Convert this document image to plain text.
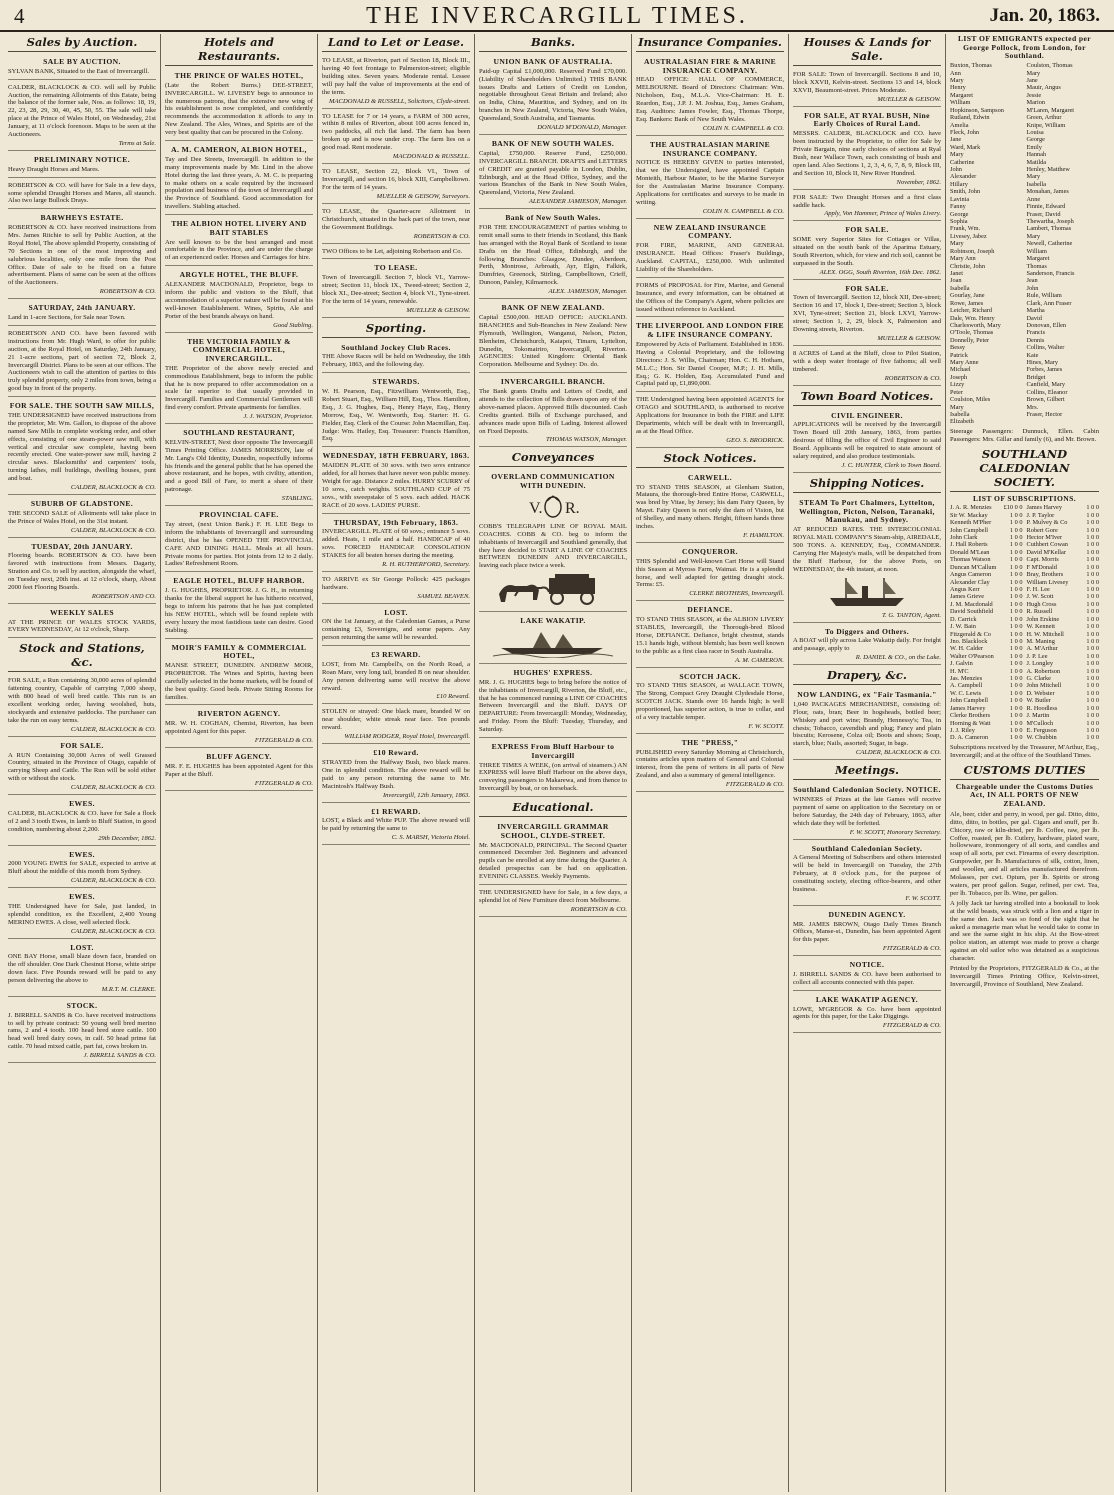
4	THE INVERCARGILL TIMES.	Jan. 20, 1863.
Sales by Auction.
SALE BY AUCTION.
SYLVAN BANK, Situated to the East of Invercargill.
CALDER, BLACKLOCK & CO. will sell by Public Auction, the remaining Allotments of this Estate, being the balance of the former sale, Nos. as follows: 18, 19, 22, 23, 28, 29, 30, 40, 45, 50, 55. The sale will take place at the Prince of Wales Hotel, on Wednesday, 21st January, at 11 o'clock forenoon. Maps to be seen at the Auctioneers.
Terms at Sale.
PRELIMINARY NOTICE.
Heavy Draught Horses and Mares.
ROBERTSON & CO. will have for Sale in a few days, some splendid Draught Horses and Mares, all staunch. Also two large Bullock Drays.
BARWHEYS ESTATE.
ROBERTSON & CO. have received instructions from Mrs. James Ritchie to sell by Public Auction, at the Royal Hotel, The above splendid Property, consisting of 70 Sections in one of the most improving and salubrious localities, only one mile from the Post Office. Date of sale to be fixed on a future advertisement. Plans of same can be seen at the offices of the Auctioneers.
ROBERTSON & CO.
SATURDAY, 24th JANUARY.
Land in 1-acre Sections, for Sale near Town.
ROBERTSON AND CO. have been favored with instructions from Mr. Hugh Ward, to offer for public auction, at the Royal Hotel, on Saturday, 24th January, 21 1-acre sections, part of section 72, Block 2, Invercargill District. Plans to be seen at our offices. The Auctioneers wish to call the attention of parties to this truly splendid property, only 2 miles from town, being a good buy in front of the property.
FOR SALE. THE SOUTH SAW MILLS,
THE UNDERSIGNED have received instructions from the proprietor, Mr. Wm. Gallon, to dispose of the above named Saw Mills in complete working order, and other effects, consisting of one steam-power saw mill, with vertical and circular saw complete, having been recently erected. One water-power saw mill, having 2 circular saws. Blacksmiths' and carpenters' tools, turning lathes, mill buildings, dwelling houses, punt and boat.
CALDER, BLACKLOCK & CO.
SUBURB OF GLADSTONE.
THE SECOND SALE of Allotments will take place in the Prince of Wales Hotel, on the 31st instant.
CALDER, BLACKLOCK & CO.
TUESDAY, 20th JANUARY.
Flooring boards. ROBERTSON & CO. have been favored with instructions from Messrs. Dagarty, Stratton and Co. to sell by auction, alongside the wharf, on Tuesday next, 20th inst. at 12 o'clock, sharp, About 2000 feet Flooring Boards.
ROBERTSON AND CO.
WEEKLY SALES
AT THE PRINCE OF WALES STOCK YARDS, EVERY WEDNESDAY, At 12 o'clock, Sharp.
Stock and Stations, &c.
FOR SALE, a Run containing 30,000 acres of splendid fattening country, Capable of carrying 7,000 sheep, with 800 head of well bred cattle. This run is an excellent working order, having woolshed, huts, stockyards and extensive paddocks. The purchaser can take the run on easy terms.
CALDER, BLACKLOCK & CO.
FOR SALE.
A RUN Containing 30,000 Acres of well Grassed Country, situated in the Province of Otago, capable of carrying Sheep and Cattle. The Run will be sold either with or without the stock.
CALDER, BLACKLOCK & CO.
EWES.
CALDER, BLACKLOCK & CO. have for Sale a flock of 2 and 3 tooth Ewes, in lamb to Bluff Station, in good condition, numbering about 2,200.
29th December, 1862.
EWES.
2000 YOUNG EWES for SALE, expected to arrive at Bluff about the middle of this month from Sydney.
CALDER, BLACKLOCK & CO.
EWES.
THE Undersigned have for Sale, just landed, in splendid condition, ex the Excellent, 2,400 Young MERINO EWES. A close, well selected flock.
CALDER, BLACKLOCK & CO.
LOST.
ONE BAY Horse, small blaze down face, branded on the off shoulder. One Dark Chestnut Horse, white stripe down face. Five Pounds reward will be paid to any person delivering the above to
M.R.T. M. CLERKE.
STOCK.
J. BIRRELL SANDS & Co. have received instructions to sell by private contract: 50 young well bred merino rams, 2 and 4 tooth. 100 head bred store cattle. 100 head well bred dairy cows, in calf. 50 head prime fat cattle. 70 head mixed cattle, part fat, cows broken in.
J. BIRRELL SANDS & CO.
Hotels and Restaurants.
THE PRINCE OF WALES HOTEL,
(Late the Robert Burns.) DEE-STREET, INVERCARGILL. W. LIVESEY begs to announce to the numerous patrons, that the extensive new wing of his establishment is now completed, and confidently recommends the accommodation it affords to any in New Zealand. The Ales, Wines, and Spirits are of the very best quality that can be procured in the Colony.
A. M. CAMERON, ALBION HOTEL,
Tay and Dee Streets, Invercargill. In addition to the many improvements made by Mr. Lind in the above Hotel during the last three years, A. M. C. is preparing to make others on a scale required by the increased population and business of the town of Invercargill and the Province of Southland. Good accommodation for travellers. Stabling attached.
THE ALBION HOTEL LIVERY AND BAIT STABLES
Are well known to be the best arranged and most comfortable in the Province, and are under the charge of an experienced ostler. Horses and Carriages for hire.
ARGYLE HOTEL, THE BLUFF.
ALEXANDER MACDONALD, Proprietor, begs to inform the public and visitors to the Bluff, that accommodation of a superior nature will be found at his well-known Establishment. Wines, Spirits, Ale and Porter of the best brands always on hand.
Good Stabling.
THE VICTORIA FAMILY & COMMERCIAL HOTEL, INVERCARGILL.
THE Proprietor of the above newly erected and commodious Establishment, begs to inform the public that he is now prepared to offer accommodation on a scale far superior to that usually provided in Invercargill. Families and Commercial Gentlemen will find every comfort. Private apartments for families.
J. J. WATSON, Proprietor.
SOUTHLAND RESTAURANT,
KELVIN-STREET, Next door opposite The Invercargill Times Printing Office. JAMES MORRISON, late of Mr. Lang's Old Identity, Dunedin, respectfully informs his friends and the general public that he has opened the above restaurant, and he hopes, with civility, attention, and a good Bill of Fare, to merit a share of their patronage.
STABLING.
PROVINCIAL CAFE.
Tay street, (next Union Bank.) F. H. LEE Begs to inform the inhabitants of Invercargill and surrounding district, that he has OPENED THE PROVINCIAL CAFE AND DINING HALL. Meals at all hours. Private rooms for parties. Hot joints from 12 to 2 daily. Ladies' Refreshment Room.
EAGLE HOTEL, BLUFF HARBOR.
J. G. HUGHES, PROPRIETOR. J. G. H., in returning thanks for the liberal support he has hitherto received, begs to inform his patrons that he has just completed his NEW HOTEL, which will be found replete with every luxury the most fastidious taste can desire. Good Stabling.
MOIR'S FAMILY & COMMERCIAL HOTEL,
MANSE STREET, DUNEDIN. ANDREW MOIR, PROPRIETOR. The Wines and Spirits, having been carefully selected in the home markets, will be found of the best quality. Good beds. Private Sitting Rooms for families.
RIVERTON AGENCY.
MR. W. H. COGHAN, Chemist, Riverton, has been appointed Agent for this paper.
FITZGERALD & CO.
BLUFF AGENCY.
MR. F. E. HUGHES has been appointed Agent for this Paper at the Bluff.
FITZGERALD & CO.
Land to Let or Lease.
TO LEASE, at Riverton, part of Section 18, Block III., having 40 feet frontage to Palmerston-street; eligible building sites. Seven years. Moderate rental. Lessee will pay half the value of improvements at the end of the term.
MACDONALD & RUSSELL, Solicitors, Clyde-street.
TO LEASE for 7 or 14 years, a FARM of 300 acres, within 8 miles of Riverton, about 100 acres fenced in, two paddocks, all rich flat land. The farm has been broken up and is now under crop. The farm lies on a good road. Rent moderate.
MACDONALD & RUSSELL.
TO LEASE, Section 22, Block VI., Town of Invercargill, and section 16, block XIII, Campbelltown. For the term of 14 years.
MUELLER & GEISOW, Surveyors.
TO LEASE, the Quarter-acre Allotment in Christchurch, situated in the back part of the town, near the Government Buildings.
ROBERTSON & CO.
TWO Offices to be Let, adjoining Robertson and Co.
TO LEASE.
Town of Invercargill. Section 7, block VI., Yarrow-street; Section 11, block IX., Tweed-street; Section 2, block XI., Dee-street; Section 4, block VI., Tyne-street. For the term of 14 years, renewable.
MUELLER & GEISOW.
Sporting.
Southland Jockey Club Races.
THE Above Races will be held on Wednesday, the 18th February, 1863, and the following day.
STEWARDS.
W. H. Pearson, Esq., Fitzwilliam Wentworth, Esq., Robert Stuart, Esq., William Hill, Esq., Thos. Hamilton, Esq., J. G. Hughes, Esq., Henry Haye, Esq., Henry Morrow, Esq., W. Wentworth, Esq. Starter: H. G. Fielder, Esq. Clerk of the Course: John Macmillan, Esq. Judge: Wm. Hatley, Esq. Treasurer: Francis Hamilton, Esq.
WEDNESDAY, 18TH FEBRUARY, 1863.
MAIDEN PLATE of 30 sovs. with two sovs entrance added, for all horses that have never won public money. Weight for age. Distance 2 miles. HURRY SCURRY of 10 sovs., catch weights. SOUTHLAND CUP of 75 sovs., with sweepstake of 5 sovs. each added. HACK RACE of 20 sovs. LADIES' PURSE.
THURSDAY, 19th February, 1863.
INVERCARGILL PLATE of 60 sovs.; entrance 5 sovs. added. Heats, 1 mile and a half. HANDICAP of 40 sovs. FORCED HANDICAP. CONSOLATION STAKES for all beaten horses during the meeting.
R. H. RUTHERFORD, Secretary.
TO ARRIVE ex Sir George Pollock: 425 packages hardware.
SAMUEL BEAVEN.
LOST.
ON the 1st January, at the Caledonian Games, a Purse containing £3, Sovereigns, and some papers. Any person returning the same will be rewarded.
£3 REWARD.
LOST, from Mr. Campbell's, on the North Road, a Roan Mare, very long tail, branded B on near shoulder. Any person delivering same will receive the above reward.
£10 Reward.
STOLEN or strayed: One black mare, branded W on near shoulder, white streak near face. Ten pounds reward.
WILLIAM RODGER, Royal Hotel, Invercargill.
£10 Reward.
STRAYED from the Halfway Bush, two black mares. One in splendid condition. The above reward will be paid to any person returning the same to Mr. Macintosh's Halfway Bush.
Invercargill, 12th January, 1863.
£1 REWARD.
LOST, a Black and White PUP. The above reward will be paid by returning the same to
C. S. MARSH, Victoria Hotel.
Banks.
UNION BANK OF AUSTRALIA.
Paid-up Capital £1,000,000. Reserved Fund £70,000. (Liability of Shareholders Unlimited.) THIS BANK issues Drafts and Letters of Credit on London, negotiable throughout Great Britain and Ireland; also on India, China, Mauritius, and Sydney, and on its branches in New Zealand, Victoria, New South Wales, Queensland, South Australia, and Tasmania.
DONALD M'DONALD, Manager.
BANK OF NEW SOUTH WALES.
Capital, £750,000. Reserve Fund, £250,000. INVERCARGILL BRANCH. DRAFTS and LETTERS of CREDIT are granted payable in London, Dublin, Edinburgh, and at the Head Office, Sydney, and the various Branches of the Bank in New South Wales, Queensland, Victoria, New Zealand.
ALEXANDER JAMIESON, Manager.
Bank of New South Wales.
FOR THE ENCOURAGEMENT of parties wishing to remit small sums to their friends in Scotland, this Bank has arranged with the Royal Bank of Scotland to issue Drafts on the Head Office, Edinburgh, and the following Branches: Glasgow, Dundee, Aberdeen, Perth, Montrose, Arbroath, Ayr, Elgin, Falkirk, Dumfries, Greenock, Stirling, Campbelltown, Crieff, Dunoon, Paisley, Kilmarnock.
ALEX. JAMIESON, Manager.
BANK OF NEW ZEALAND.
Capital £500,000. HEAD OFFICE: AUCKLAND. BRANCHES and Sub-Branches in New Zealand: New Plymouth, Wellington, Wanganui, Nelson, Picton, Blenheim, Christchurch, Kaiapoi, Timaru, Lyttelton, Dunedin, Tokomairiro, Invercargill, Riverton. AGENCIES: United Kingdom: Oriental Bank Corporation. Melbourne and Sydney: Do. do.
INVERCARGILL BRANCH.
The Bank grants Drafts and Letters of Credit, and attends to the collection of Bills drawn upon any of the above-named places. Approved Bills discounted. Cash Credits granted. Bills of Exchange purchased, and advances made upon Bills of Lading. Interest allowed on Fixed Deposits.
THOMAS WATSON, Manager.
Conveyances
OVERLAND COMMUNICATION WITH DUNEDIN.
V. R.
COBB'S TELEGRAPH LINE OF ROYAL MAIL COACHES. COBB & CO. beg to inform the inhabitants of Invercargill and Southland generally, that they have decided to START A LINE OF COACHES BETWEEN DUNEDIN AND INVERCARGILL, leaving each place twice a week.
LAKE WAKATIP.
HUGHES' EXPRESS.
MR. J. G. HUGHES begs to bring before the notice of the inhabitants of Invercargill, Riverton, the Bluff, etc., that he has commenced running a LINE OF COACHES Between Invercargill and the Bluff. DAYS OF DEPARTURE: From Invercargill: Monday, Wednesday, and Friday. From the Bluff: Tuesday, Thursday, and Saturday.
EXPRESS From Bluff Harbour to Invercargill
THREE TIMES A WEEK, (on arrival of steamers.) AN EXPRESS will leave Bluff Harbour on the above days, conveying passengers to Makarewa, and from thence to Invercargill by boat, or on horseback.
Educational.
INVERCARGILL GRAMMAR SCHOOL, CLYDE-STREET.
Mr. MACDONALD, PRINCIPAL. The Second Quarter commenced December 3rd. Beginners and advanced pupils can be enrolled at any time during the Quarter. A detailed prospectus can be had on application. EVENING CLASSES. Weekly Payments.
THE UNDERSIGNED have for Sale, in a few days, a splendid lot of New Furniture direct from Melbourne.
ROBERTSON & CO.
Insurance Companies.
AUSTRALASIAN FIRE & MARINE INSURANCE COMPANY.
HEAD OFFICE: HALL OF COMMERCE, MELBOURNE. Board of Directors: Chairman: Wm. Nicholson, Esq., M.L.A. Vice-Chairman: H. E. Reardon, Esq., J.P. J. M. Joshua, Esq., James Graham, Esq. Auditors: James Fowler, Esq., Thomas Thorpe, Esq. Bankers: Bank of New South Wales.
COLIN N. CAMPBELL & CO.
THE AUSTRALASIAN MARINE INSURANCE COMPANY.
NOTICE IS HEREBY GIVEN to parties interested, that we the Undersigned, have appointed Captain Monteith, Harbour Master, to be the Marine Surveyor for the Australasian Marine Insurance Company. Applications for certificates and surveys to be made in writing.
COLIN N. CAMPBELL & CO.
NEW ZEALAND INSURANCE COMPANY.
FOR FIRE, MARINE, AND GENERAL INSURANCE. Head Offices: Fraser's Buildings, Auckland. CAPITAL, £250,000. With unlimited Liability of the Shareholders.
FORMS of PROPOSAL for Fire, Marine, and General Insurance, and every information, can be obtained at the Offices of the Company's Agent, where policies are issued without reference to Auckland.
THE LIVERPOOL AND LONDON FIRE & LIFE INSURANCE COMPANY.
Empowered by Acts of Parliament. Established in 1836. Having a Colonial Proprietary, and the following Directors: J. S. Willis, Chairman; Hon. C. H. Hotham, M.L.C.; Hon. Sir Daniel Cooper, M.P.; J. H. Mills, Esq.; G. K. Holden, Esq. Accumulated Fund and Capital paid up, £1,890,000.
THE Undersigned having been appointed AGENTS for OTAGO and SOUTHLAND, is authorised to receive Applications for Insurance in both the FIRE and LIFE Departments, which will be dealt with in Invercargill, as at the Head Office.
GEO. S. BRODRICK.
Stock Notices.
CARWELL.
TO STAND THIS SEASON, at Glenham Station, Mataura, the thorough-bred Entire Horse, CARWELL, was bred by Vitae, by Jersey; his dam Fairy Queen, by Mayet. Fairy Queen is not only the dam of Vision, but of Shelley, and many others. Height, fifteen hands three inches.
F. HAMILTON.
CONQUEROR.
THIS Splendid and Well-known Cart Horse will Stand this Season at Myross Farm, Waimai. He is a splendid horse, and well adapted for getting draught stock. Terms: £5.
CLERKE BROTHERS, Invercargill.
DEFIANCE.
TO STAND THIS SEASON, at the ALBION LIVERY STABLES, Invercargill, the Thorough-bred Blood Horse, DEFIANCE. Defiance, bright chestnut, stands 15.1 hands high, without blemish; has been well known to the public as a first class racer in South Australia.
A. M. CAMERON.
SCOTCH JACK.
TO STAND THIS SEASON, at WALLACE TOWN, The Strong, Compact Grey Draught Clydesdale Horse, SCOTCH JACK. Stands over 16 hands high; is well proportioned, has superior action, is true to collar, and of a very tractable temper.
F. W. SCOTT.
THE "PRESS,"
PUBLISHED every Saturday Morning at Christchurch, contains articles upon matters of General and Colonial interest, from the pens of writers in all parts of New Zealand, and also a summary of general intelligence.
FITZGERALD & CO.
Houses & Lands for Sale.
FOR SALE: Town of Invercargill. Sections 8 and 10, block XXVII, Kelvin-street. Sections 13 and 14, block XXVII, Beaumont-street. Prices Moderate.
MUELLER & GEISOW.
FOR SALE, AT RYAL BUSH, Nine Early Choices of Rural Land.
MESSRS. CALDER, BLACKLOCK and CO. have been instructed by the Proprietor, to offer for Sale by Private Bargain, nine early choices of sections at Ryal Bush, near Wallace Town, each consisting of bush and open land. Also Sections 1, 2, 3, 4, 6, 7, 8, 9, Block III, and Section 10, Block II, New River Hundred.
November, 1862.
FOR SALE: Two Draught Horses and a first class saddle hack.
Apply, Von Hammer, Prince of Wales Livery.
FOR SALE.
SOME very Superior Sites for Cottages or Villas, situated on the south bank of the Aparima Estuary, South Riverton, which, for view and rich soil, cannot be surpassed in the South.
ALEX. OGG, South Riverton, 16th Dec. 1862.
FOR SALE.
Town of Invercargill. Section 12, block XII, Dee-street; Section 16 and 17, block I, Dee-street; Section 3, block XVI, Tyne-street; Section 21, block LXVI, Yarrow-street; Section 1, 2, 29, block X, Palmerston and Downing streets, Riverton.
MUELLER & GEISOW.
8 ACRES of Land at the Bluff, close to Pilot Station, with a deep water frontage of five fathoms; all well timbered.
ROBERTSON & CO.
Town Board Notices.
CIVIL ENGINEER.
APPLICATIONS will be received by the Invercargill Town Board till 20th January, 1863, from parties desirous of filling the office of Civil Engineer to said Board. Applicants will be required to state amount of salary required, and also produce testimonials.
J. C. HUNTER, Clerk to Town Board.
Shipping Notices.
STEAM To Port Chalmers, Lyttelton, Wellington, Picton, Nelson, Taranaki, Manukau, and Sydney.
AT REDUCED RATES. THE INTERCOLONIAL ROYAL MAIL COMPANY'S Steam-ship, AIREDALE, 500 TONS. A. KENNEDY, Esq., COMMANDER. Carrying Her Majesty's mails, will be despatched from the Bluff Harbour, for the above Ports, on WEDNESDAY, the 4th instant, at noon.
T. G. TANTON, Agent.
To Diggers and Others.
A BOAT will ply across Lake Wakatip daily. For freight and passage, apply to
R. DANIEL & CO., on the Lake.
Drapery, &c.
NOW LANDING, ex "Fair Tasmania."
1,040 PACKAGES MERCHANDISE, consisting of: Flour, oats, bran; Beer in hogsheads, bottled beer; Whiskey and port wine; Brandy, Hennessy's; Tea, in chests; Tobacco, cavendish and plug; Fancy and plain biscuits; Kerosene, Colza oil; Boots and shoes; Soap, starch, blue; Nails, assorted; Sugar, in bags.
CALDER, BLACKLOCK & CO.
Meetings.
Southland Caledonian Society. NOTICE.
WINNERS of Prizes at the late Games will receive payment of same on application to the Secretary on or before Saturday, the 24th day of February, 1863, after which date they will be forfeited.
F. W. SCOTT, Honorary Secretary.
Southland Caledonian Society.
A General Meeting of Subscribers and others interested will be held in Invercargill on Tuesday, the 27th February, at 8 o'clock p.m., for the purpose of constituting society, electing office-bearers, and other business.
F. W. SCOTT.
DUNEDIN AGENCY.
MR. JAMES BROWN, Otago Daily Times Branch Offices, Manse-st., Dunedin, has been appointed Agent for this paper.
FITZGERALD & CO.
NOTICE.
J. BIRRELL SANDS & CO. have been authorised to collect all accounts connected with this paper.
LAKE WAKATIP AGENCY.
LOWE, M'GREGOR & Co. have been appointed agents for this paper, for the Lake Diggings.
FITZGERALD & CO.
LIST OF EMIGRANTS expected per George Pollock, from London, for Southland.
Buxton, Thomas
Ann
Mary
Henry
Margaret
William
Hopkinson, Sampson
Rutland, Edwin
Amelia
Fleck, John
Jane
Ward, Mark
Mary
Catherine
John
Alexander
Hillary
Smith, John
Lavinia
Fanny
George
Sophia
Frank, Wm.
Livesey, Jabez
Mary
Robinson, Joseph
Mary Ann
Christie, John
Janet
Joan
Isabella
Gourlay, Jane
Rowe, James
Letcher, Richard
Dale, Wm. Henry
Charlesworth, Mary
O'Toole, Thomas
Donnelly, Peter
Bessy
Patrick
Mary Anne
Michael
Joseph
Lizzy
Peter
Coulston, Miles
Mary
Isabella
Elizabeth
Coulston, Thomas
Mary
Jane
Mauir, Angus
Jessie
Marion
M'Laren, Margaret
Green, Arthur
Knipe, William
Louisa
George
Emily
Hannah
Matilda
Henley, Matthew
Mary
Isabella
Monahan, James
Anne
Finnie, Edward
Fraser, David
Thewartha, Joseph
Lambert, Thomas
Mary
Newell, Catherine
William
Margaret
Thomas
Sanderson, Francis
Jean
John
Rule, William
Clark, Ann Fraser
Martha
David
Donovan, Ellen
Francis
Dennis
Collins, Walter
Kate
Hines, Mary
Forbes, James
Bridget
Canfield, Mary
Collins, Eleanor
Brown, Gilbert
Mrs.
Fraser, Hector
Steerage Passengers: Dunnuck, Ellen. Cabin Passengers: Mrs. Gillar and family (6), and Mr. Brown.
SOUTHLAND CALEDONIAN SOCIETY.
LIST OF SUBSCRIPTIONS.
J. A. R. Menzies £10 0 0
Sir W. Mackay	1 0 0
Kenneth M'Pher	1 0 0
John Campbell	1 0 0
John Clark	1 0 0
J. Hall Roberts	1 0 0
Donald M'Lean	1 0 0
Thomas Watson	1 0 0
Duncan M'Callum 1 0 0
Angus Cameron	1 0 0
Alexander Clay	1 0 0
Angus Kerr	1 0 0
James Grieve	1 0 0
J. M. Macdonald	1 0 0
David Southfield	1 0 0
D. Carrick	1 0 0
J. W. Bain	1 0 0
Fitzgerald & Co	1 0 0
Jno. Blacklock	1 0 0
W. H. Calder	1 0 0
Walter O'Pearson	1 0 0
J. Galvin	1 0 0
H. M'C	1 0 0
Jas. Menzies	1 0 0
A. Campbell	1 0 0
W. C. Lewis	1 0 0
John Campbell	1 0 0
James Harvey	1 0 0
Clerke Brothers	1 0 0
Horning & Watt	1 0 0
J. J. Riley	1 0 0
D. A. Cameron	1 0 0
James Harvey	1 0 0
J. P. Taylor	1 0 0
P. Mulvey & Co	1 0 0
Robert Gore	1 0 0
Hector M'Iver	1 0 0
Cuthbert Cowan	1 0 0
David M'Kellar	1 0 0
Capt. Morris	1 0 0
F M'Donald	1 0 0
Bray, Brothers	1 0 0
William Livesey	1 0 0
F. H. Lee	1 0 0
J. W. Scott	1 0 0
Hugh Cross	1 0 0
R. Russell	1 0 0
John Erskine	1 0 0
W. Kennett	1 0 0
H. W. Mitchell	1 0 0
M. Maning	1 0 0
A. M'Arthur	1 0 0
J. P. Lee	1 0 0
J. Longley	1 0 0
A. Robertson	1 0 0
G. Clarke	1 0 0
John Mitchell	1 0 0
D. Webster	1 0 0
W. Butler	1 0 0
R. Hoodless	1 0 0
J. Martin	1 0 0
M'Culloch	1 0 0
E. Ferguson	1 0 0
W. Chubbin	1 0 0
Subscriptions received by the Treasurer, M'Arthur, Esq., Invercargill; and at the office of the Southland Times.
CUSTOMS DUTIES
Chargeable under the Customs Duties Act, IN ALL PORTS OF NEW ZEALAND.
Ale, beer, cider and perry, in wood, per gal. Ditto, ditto, ditto, ditto, in bottles, per gal. Cigars and snuff, per lb. Chicory, raw or kiln-dried, per lb. Coffee, raw, per lb. Coffee, roasted, per lb. Cutlery, hardware, plated ware, hollowware, ironmongery of all sorts, and candles and soap of all sorts, per cwt. Firearms of every description. Gunpowder, per lb. Manufactures of silk, cotton, linen, and woollen, and all articles manufactured therefrom. Molasses, per cwt. Opium, per lb. Spirits or strong waters, per proof gallon. Sugar, refined, per cwt. Tea, per lb. Tobacco, per lb. Wine, per gallon.
A jolly Jack tar having strolled into a bookstall to look at the wild beasts, was struck with a lion and a tiger in the same den. Jack was so fond of the sight that he asked a menagerie man what he would take to come in and see the same sight in his ship. At the Bow-street police station, an attempt was made to prove a charge against an old sailor who was detained as a suspicious character.
Printed by the Proprietors, FITZGERALD & Co., at the Invercargill Times Printing Office, Kelvin-street, Invercargill, Province of Southland, New Zealand.
